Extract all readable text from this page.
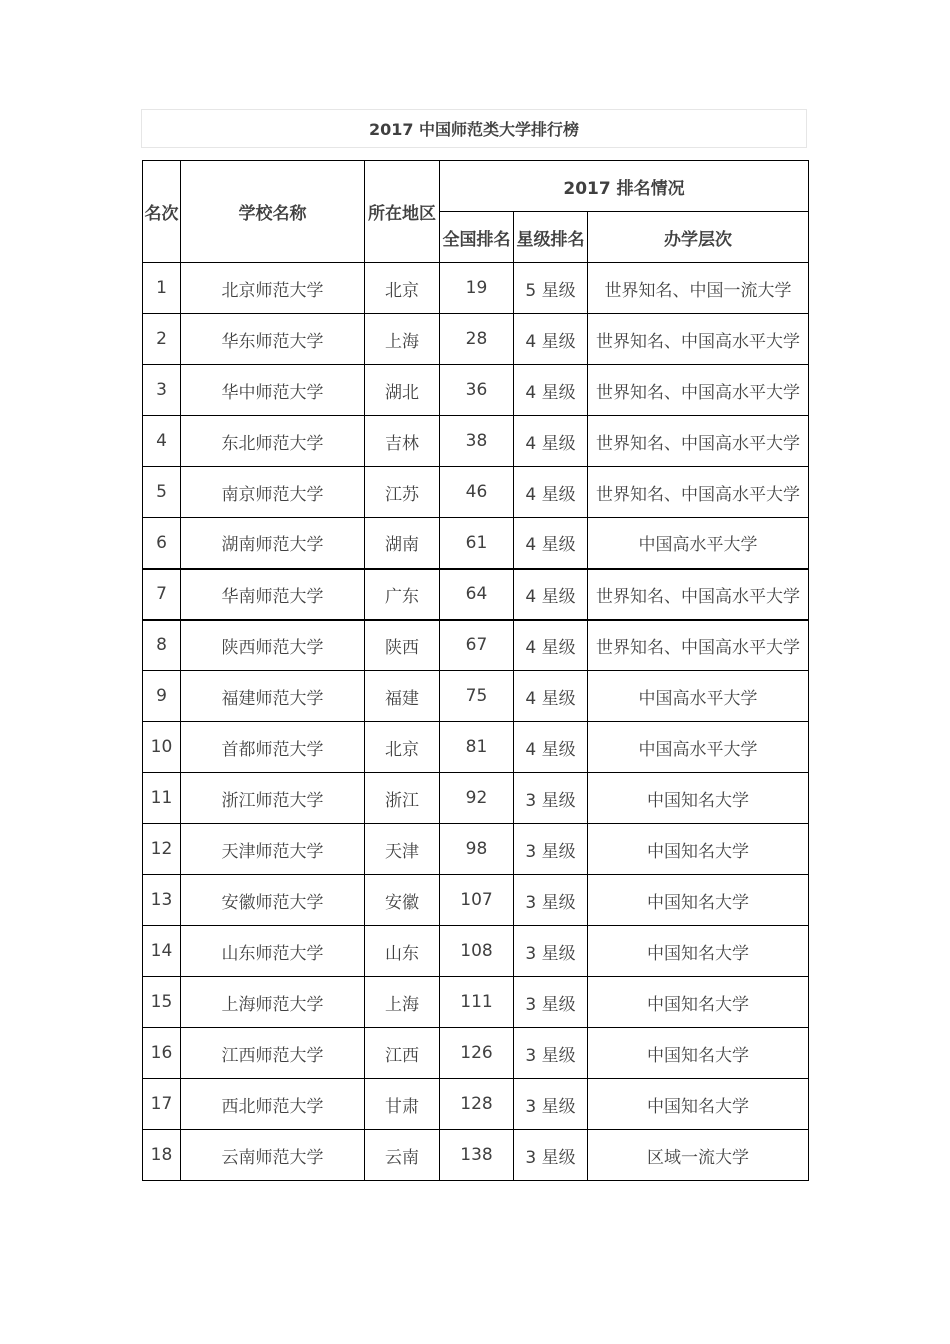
2017 中国师范类大学排行榜
名次	学校名称	所在地区	2017 排名情况		
			全国排名	星级排名	办学层次
1	北京师范大学	北京	19	5 星级	世界知名、中国一流大学
2	华东师范大学	上海	28	4 星级	世界知名、中国高水平大学
3	华中师范大学	湖北	36	4 星级	世界知名、中国高水平大学
4	东北师范大学	吉林	38	4 星级	世界知名、中国高水平大学
5	南京师范大学	江苏	46	4 星级	世界知名、中国高水平大学
6	湖南师范大学	湖南	61	4 星级	中国高水平大学
7	华南师范大学	广东	64	4 星级	世界知名、中国高水平大学
8	陕西师范大学	陕西	67	4 星级	世界知名、中国高水平大学
9	福建师范大学	福建	75	4 星级	中国高水平大学
10	首都师范大学	北京	81	4 星级	中国高水平大学
11	浙江师范大学	浙江	92	3 星级	中国知名大学
12	天津师范大学	天津	98	3 星级	中国知名大学
13	安徽师范大学	安徽	107	3 星级	中国知名大学
14	山东师范大学	山东	108	3 星级	中国知名大学
15	上海师范大学	上海	111	3 星级	中国知名大学
16	江西师范大学	江西	126	3 星级	中国知名大学
17	西北师范大学	甘肃	128	3 星级	中国知名大学
18	云南师范大学	云南	138	3 星级	区域一流大学
